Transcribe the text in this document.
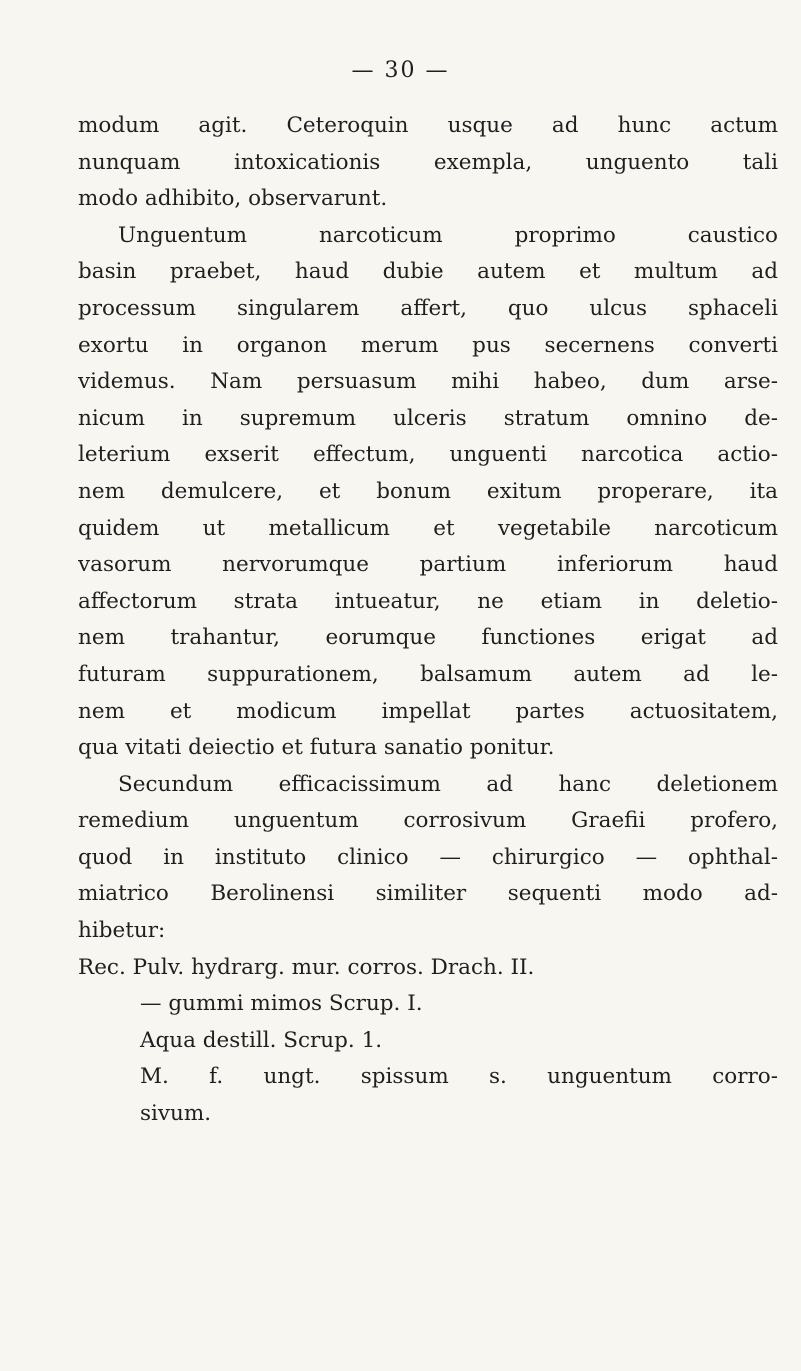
— 30 —
modum agit. Ceteroquin usque ad hunc actum
nunquam intoxicationis exempla, unguento tali
modo adhibito, observarunt.
Unguentum narcoticum proprimo caustico
basin praebet, haud dubie autem et multum ad
processum singularem affert, quo ulcus sphaceli
exortu in organon merum pus secernens converti
videmus. Nam persuasum mihi habeo, dum arse-
nicum in supremum ulceris stratum omnino de-
leterium exserit effectum, unguenti narcotica actio-
nem demulcere, et bonum exitum properare, ita
quidem ut metallicum et vegetabile narcoticum
vasorum nervorumque partium inferiorum haud
affectorum strata intueatur, ne etiam in deletio-
nem trahantur, eorumque functiones erigat ad
futuram suppurationem, balsamum autem ad le-
nem et modicum impellat partes actuositatem,
qua vitati deiectio et futura sanatio ponitur.
Secundum efficacissimum ad hanc deletionem
remedium unguentum corrosivum Graefii profero,
quod in instituto clinico — chirurgico — ophthal-
miatrico Berolinensi similiter sequenti modo ad-
hibetur:
Rec. Pulv. hydrarg. mur. corros. Drach. II.
— gummi mimos Scrup. I.
Aqua destill. Scrup. 1.
M. f. ungt. spissum s. unguentum corro-
sivum.
